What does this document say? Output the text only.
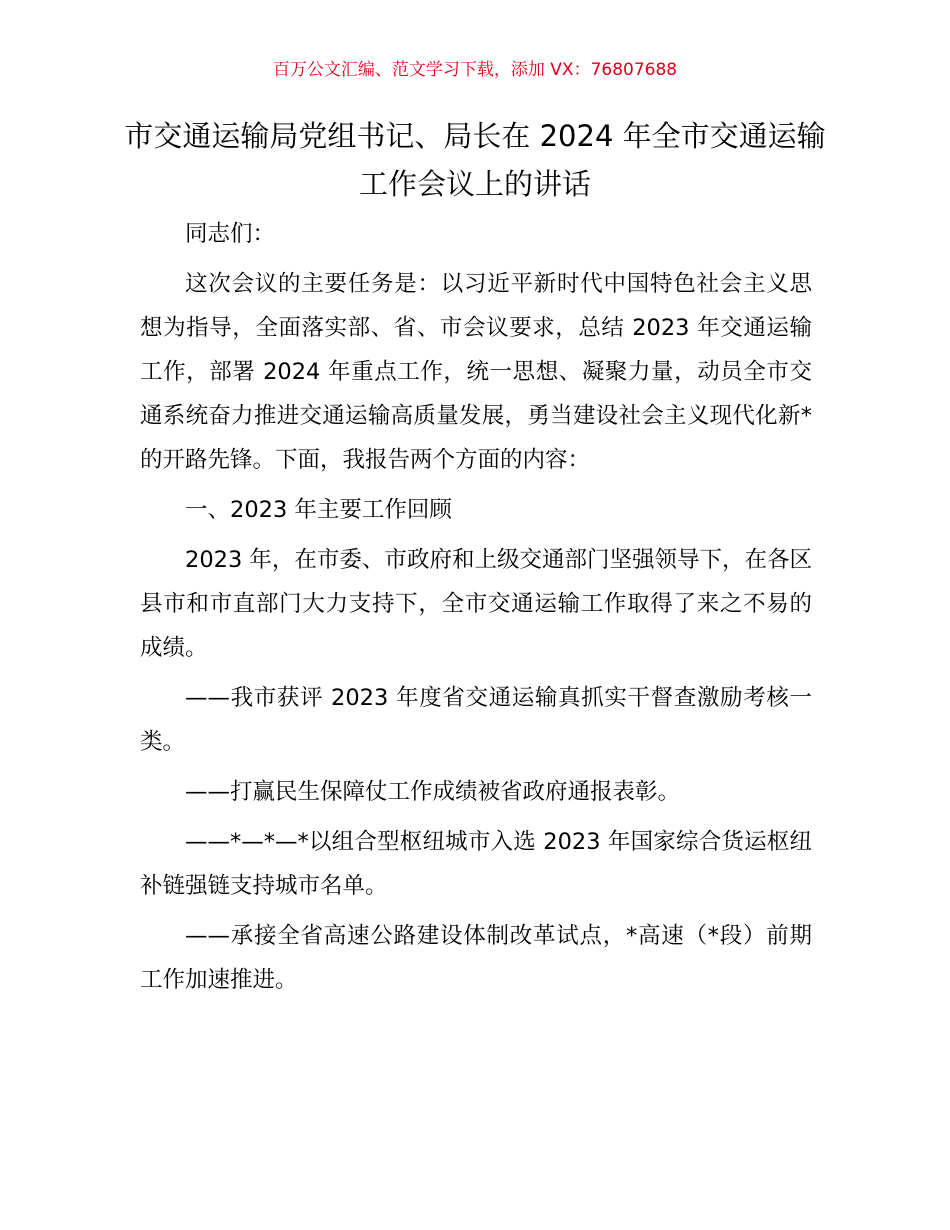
百万公文汇编、范文学习下载，添加 VX：76807688
市交通运输局党组书记、局长在 2024 年全市交通运输工作会议上的讲话

同志们：

这次会议的主要任务是：以习近平新时代中国特色社会主义思想为指导，全面落实部、省、市会议要求，总结 2023 年交通运输工作，部署 2024 年重点工作，统一思想、凝聚力量，动员全市交通系统奋力推进交通运输高质量发展，勇当建设社会主义现代化新*的开路先锋。下面，我报告两个方面的内容：

一、2023 年主要工作回顾

2023 年，在市委、市政府和上级交通部门坚强领导下，在各区县市和市直部门大力支持下，全市交通运输工作取得了来之不易的成绩。

——我市获评 2023 年度省交通运输真抓实干督查激励考核一类。

——打赢民生保障仗工作成绩被省政府通报表彰。

——*—*—*以组合型枢纽城市入选 2023 年国家综合货运枢纽补链强链支持城市名单。

——承接全省高速公路建设体制改革试点，*高速（*段）前期工作加速推进。
